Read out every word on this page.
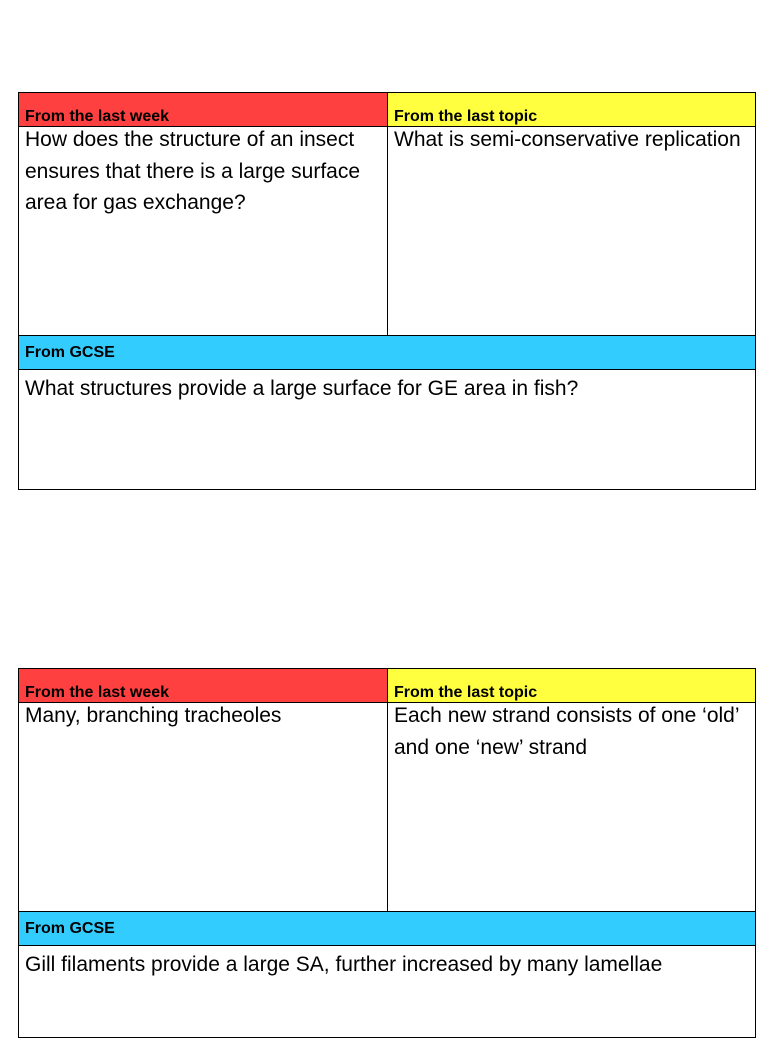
From the last week
How does the structure of an insect ensures that there is a large surface area for gas exchange?
From the last topic
What is semi-conservative replication
From GCSE
What structures provide a large surface for GE area in fish?
From the last week
Many, branching tracheoles
From the last topic
Each new strand consists of one ‘old’ and one ‘new’ strand
From GCSE
Gill filaments provide a large SA, further increased by many lamellae
